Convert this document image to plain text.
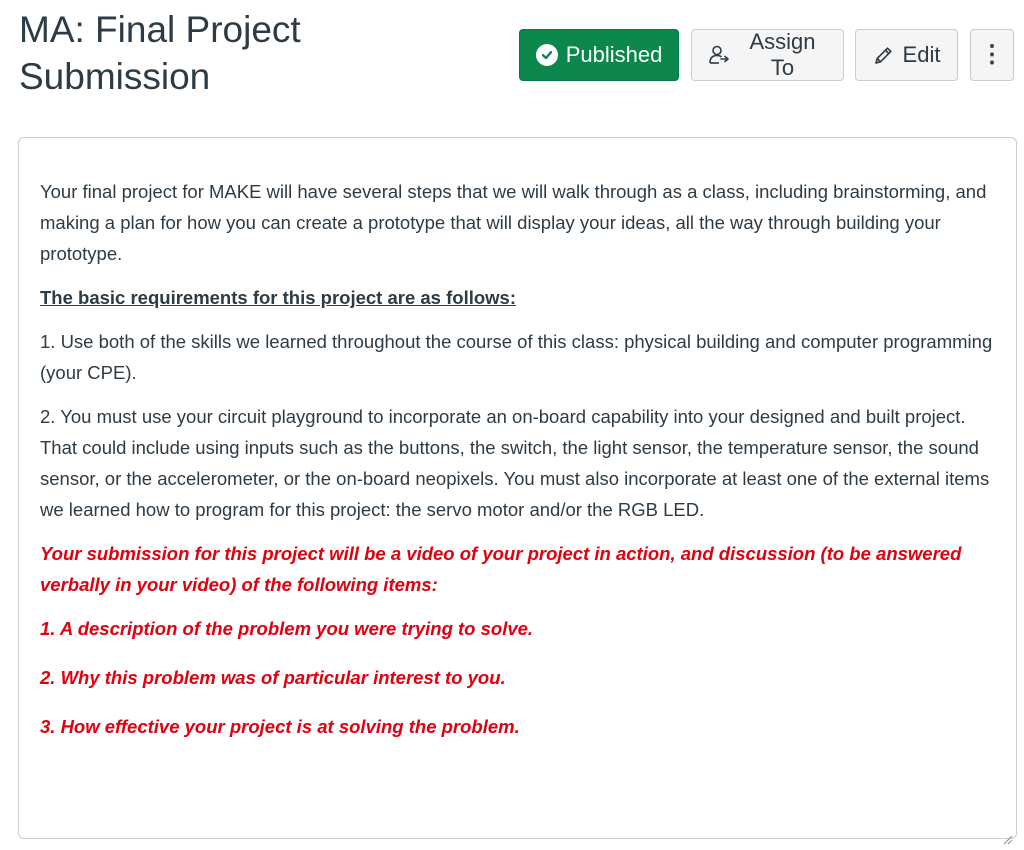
MA: Final Project Submission
Published
Assign To
Edit ⋮

Your final project for MAKE will have several steps that we will walk through as a class, including brainstorming, and making a plan for how you can create a prototype that will display your ideas, all the way through building your prototype.

The basic requirements for this project are as follows:

1. Use both of the skills we learned throughout the course of this class: physical building and computer programming (your CPE).

2. You must use your circuit playground to incorporate an on-board capability into your designed and built project. That could include using inputs such as the buttons, the switch, the light sensor, the temperature sensor, the sound sensor, or the accelerometer, or the on-board neopixels. You must also incorporate at least one of the external items we learned how to program for this project: the servo motor and/or the RGB LED.

Your submission for this project will be a video of your project in action, and discussion (to be answered verbally in your video) of the following items:

1. A description of the problem you were trying to solve.

2. Why this problem was of particular interest to you.

3. How effective your project is at solving the problem.
